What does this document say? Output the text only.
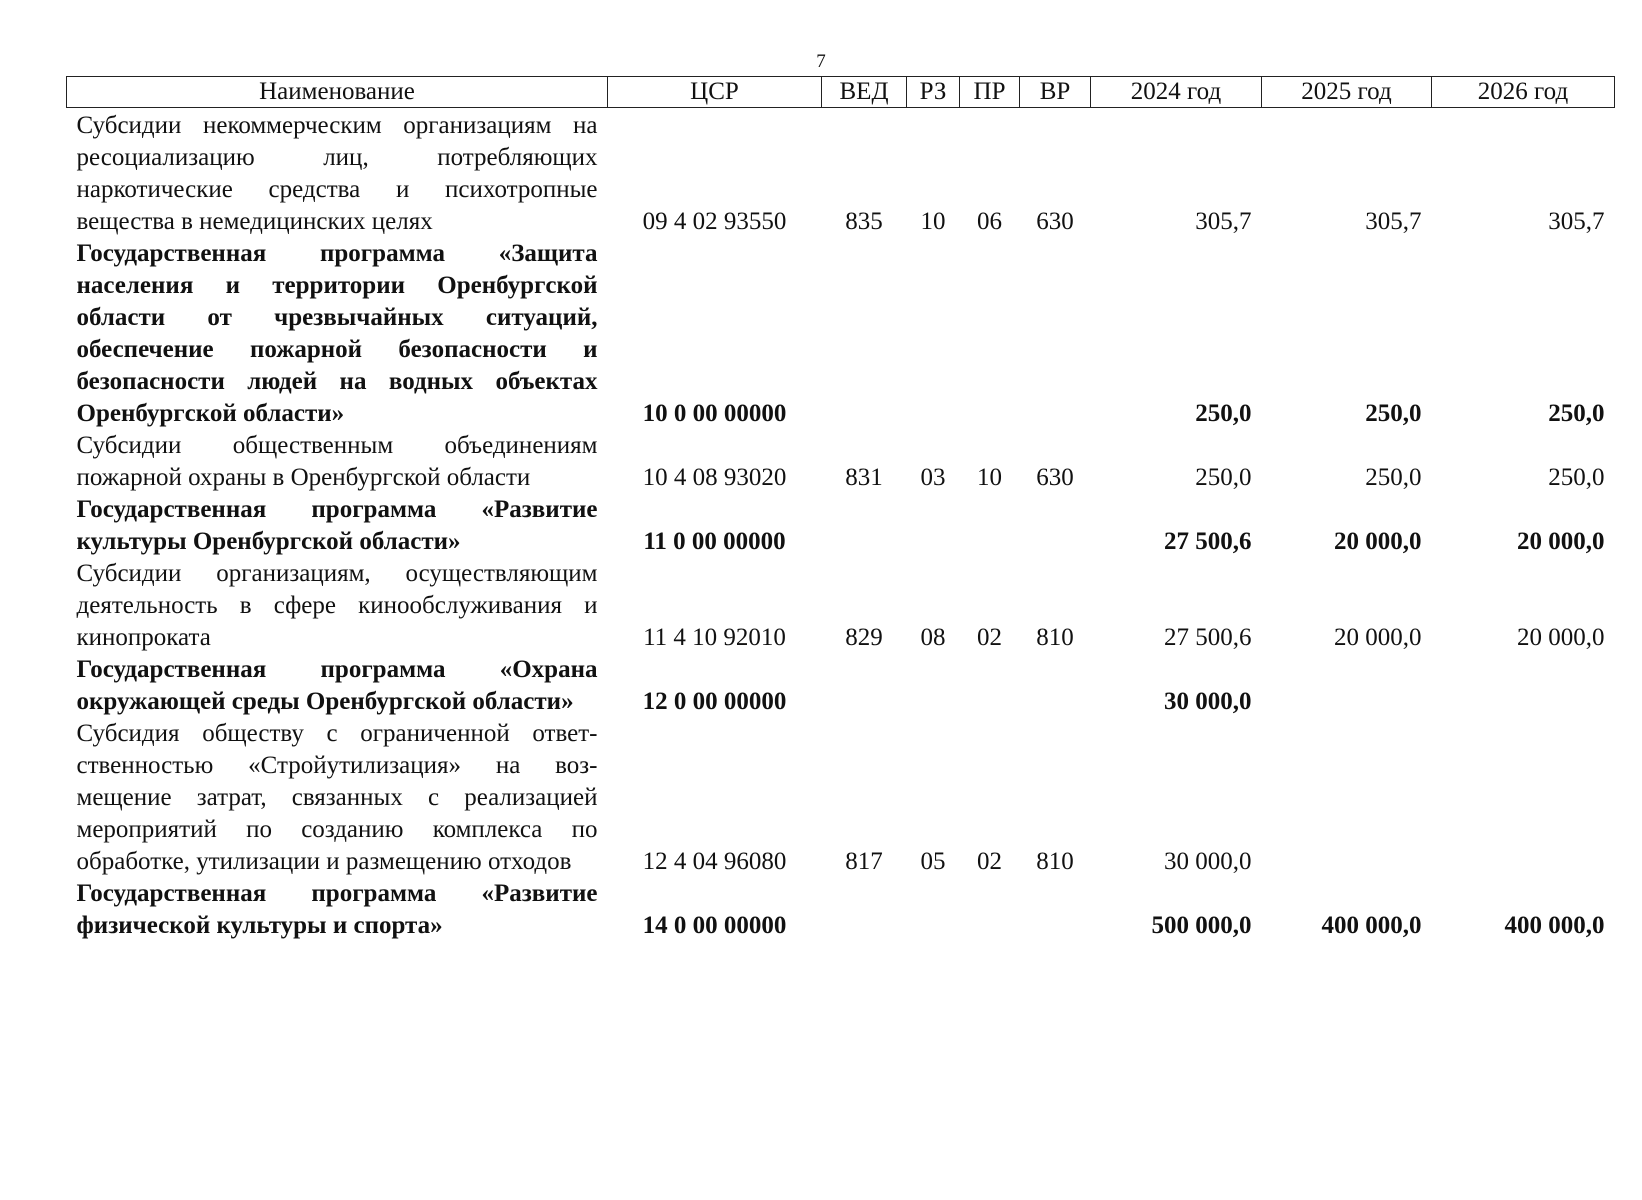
7
Наименование	ЦСР	ВЕД	РЗ	ПР	ВР	2024 год	2025 год	2026 год
Субсидии некоммерческим организациям на ресоциализацию лиц, потребляющих наркотические средства и психотропные вещества в немедицинских целях	09 4 02 93550	835	10	06	630	305,7	305,7	305,7
Государственная программа «Защита населения и территории Оренбургской области от чрезвычайных ситуаций, обеспечение пожарной безопасности и безопасности людей на водных объектах Оренбургской области»	10 0 00 00000					250,0	250,0	250,0
Субсидии общественным объединениям пожарной охраны в Оренбургской области	10 4 08 93020	831	03	10	630	250,0	250,0	250,0
Государственная программа «Развитие культуры Оренбургской области»	11 0 00 00000					27 500,6	20 000,0	20 000,0
Субсидии организациям, осуществляющим деятельность в сфере кинообслуживания и кинопроката	11 4 10 92010	829	08	02	810	27 500,6	20 000,0	20 000,0
Государственная программа «Охрана окружающей среды Оренбургской области»	12 0 00 00000					30 000,0		
Субсидия обществу с ограниченной ответственностью «Стройутилизация» на возмещение затрат, связанных с реализацией мероприятий по созданию комплекса по обработке, утилизации и размещению отходов	12 4 04 96080	817	05	02	810	30 000,0		
Государственная программа «Развитие физической культуры и спорта»	14 0 00 00000					500 000,0	400 000,0	400 000,0
